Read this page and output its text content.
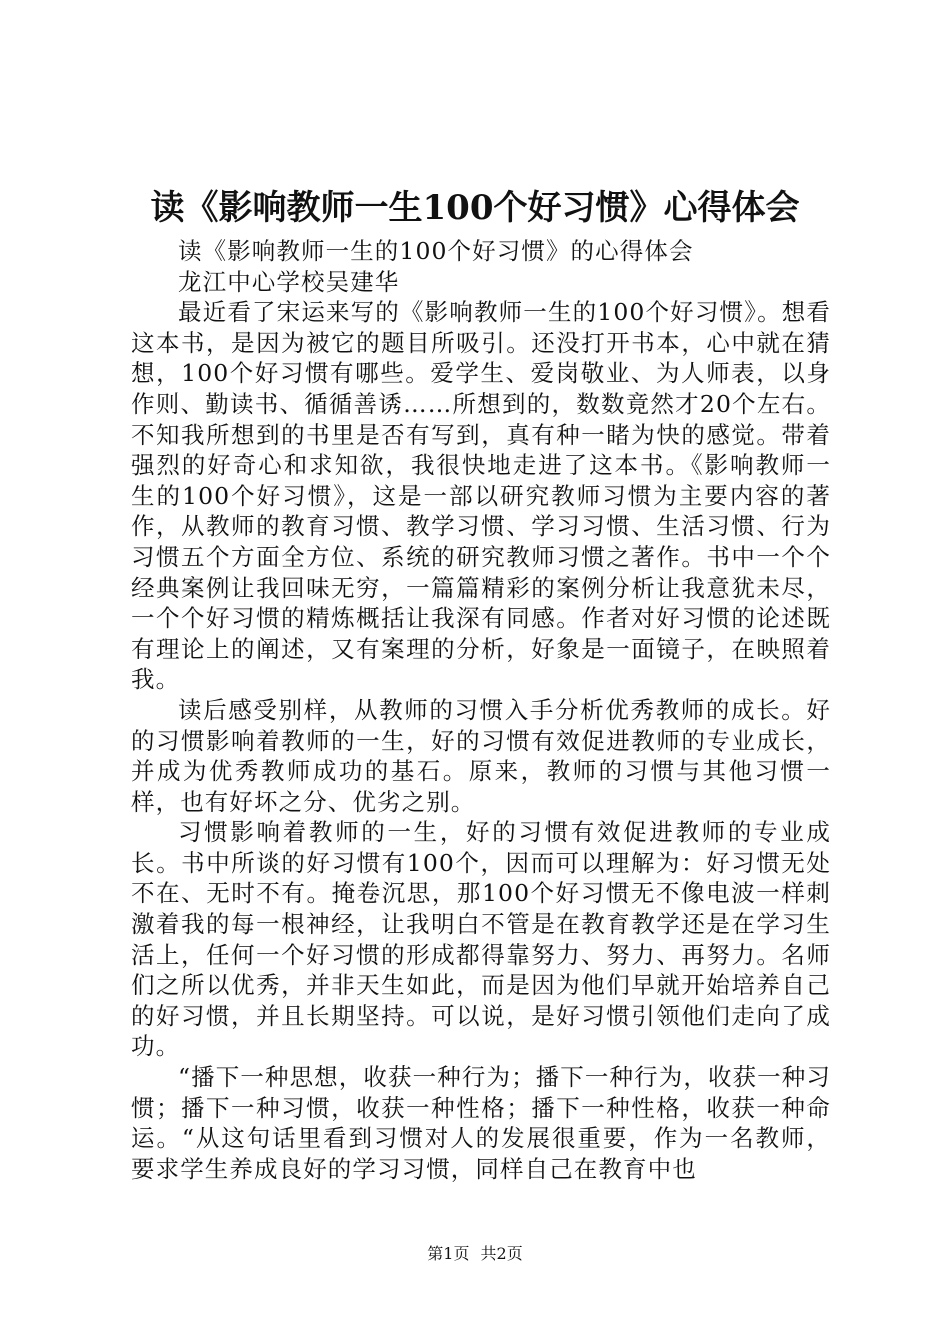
读《影响教师一生100个好习惯》心得体会

读《影响教师一生的100个好习惯》的心得体会

龙江中心学校吴建华

最近看了宋运来写的《影响教师一生的100个好习惯》。想看这本书，是因为被它的题目所吸引。还没打开书本，心中就在猜想，100个好习惯有哪些。爱学生、爱岗敬业、为人师表，以身作则、勤读书、循循善诱……所想到的，数数竟然才20个左右。不知我所想到的书里是否有写到，真有种一睹为快的感觉。带着强烈的好奇心和求知欲，我很快地走进了这本书。《影响教师一生的100个好习惯》，这是一部以研究教师习惯为主要内容的著作，从教师的教育习惯、教学习惯、学习习惯、生活习惯、行为习惯五个方面全方位、系统的研究教师习惯之著作。书中一个个经典案例让我回味无穷，一篇篇精彩的案例分析让我意犹未尽，一个个好习惯的精炼概括让我深有同感。作者对好习惯的论述既有理论上的阐述，又有案理的分析，好象是一面镜子，在映照着我。

读后感受别样，从教师的习惯入手分析优秀教师的成长。好的习惯影响着教师的一生，好的习惯有效促进教师的专业成长，并成为优秀教师成功的基石。原来，教师的习惯与其他习惯一样，也有好坏之分、优劣之别。

习惯影响着教师的一生，好的习惯有效促进教师的专业成长。书中所谈的好习惯有100个，因而可以理解为：好习惯无处不在、无时不有。掩卷沉思，那100个好习惯无不像电波一样刺激着我的每一根神经，让我明白不管是在教育教学还是在学习生活上，任何一个好习惯的形成都得靠努力、努力、再努力。名师们之所以优秀，并非天生如此，而是因为他们早就开始培养自己的好习惯，并且长期坚持。可以说，是好习惯引领他们走向了成功。

“播下一种思想，收获一种行为；播下一种行为，收获一种习惯；播下一种习惯，收获一种性格；播下一种性格，收获一种命运。“从这句话里看到习惯对人的发展很重要，作为一名教师，要求学生养成良好的学习习惯，同样自己在教育中也

第1页 共2页
